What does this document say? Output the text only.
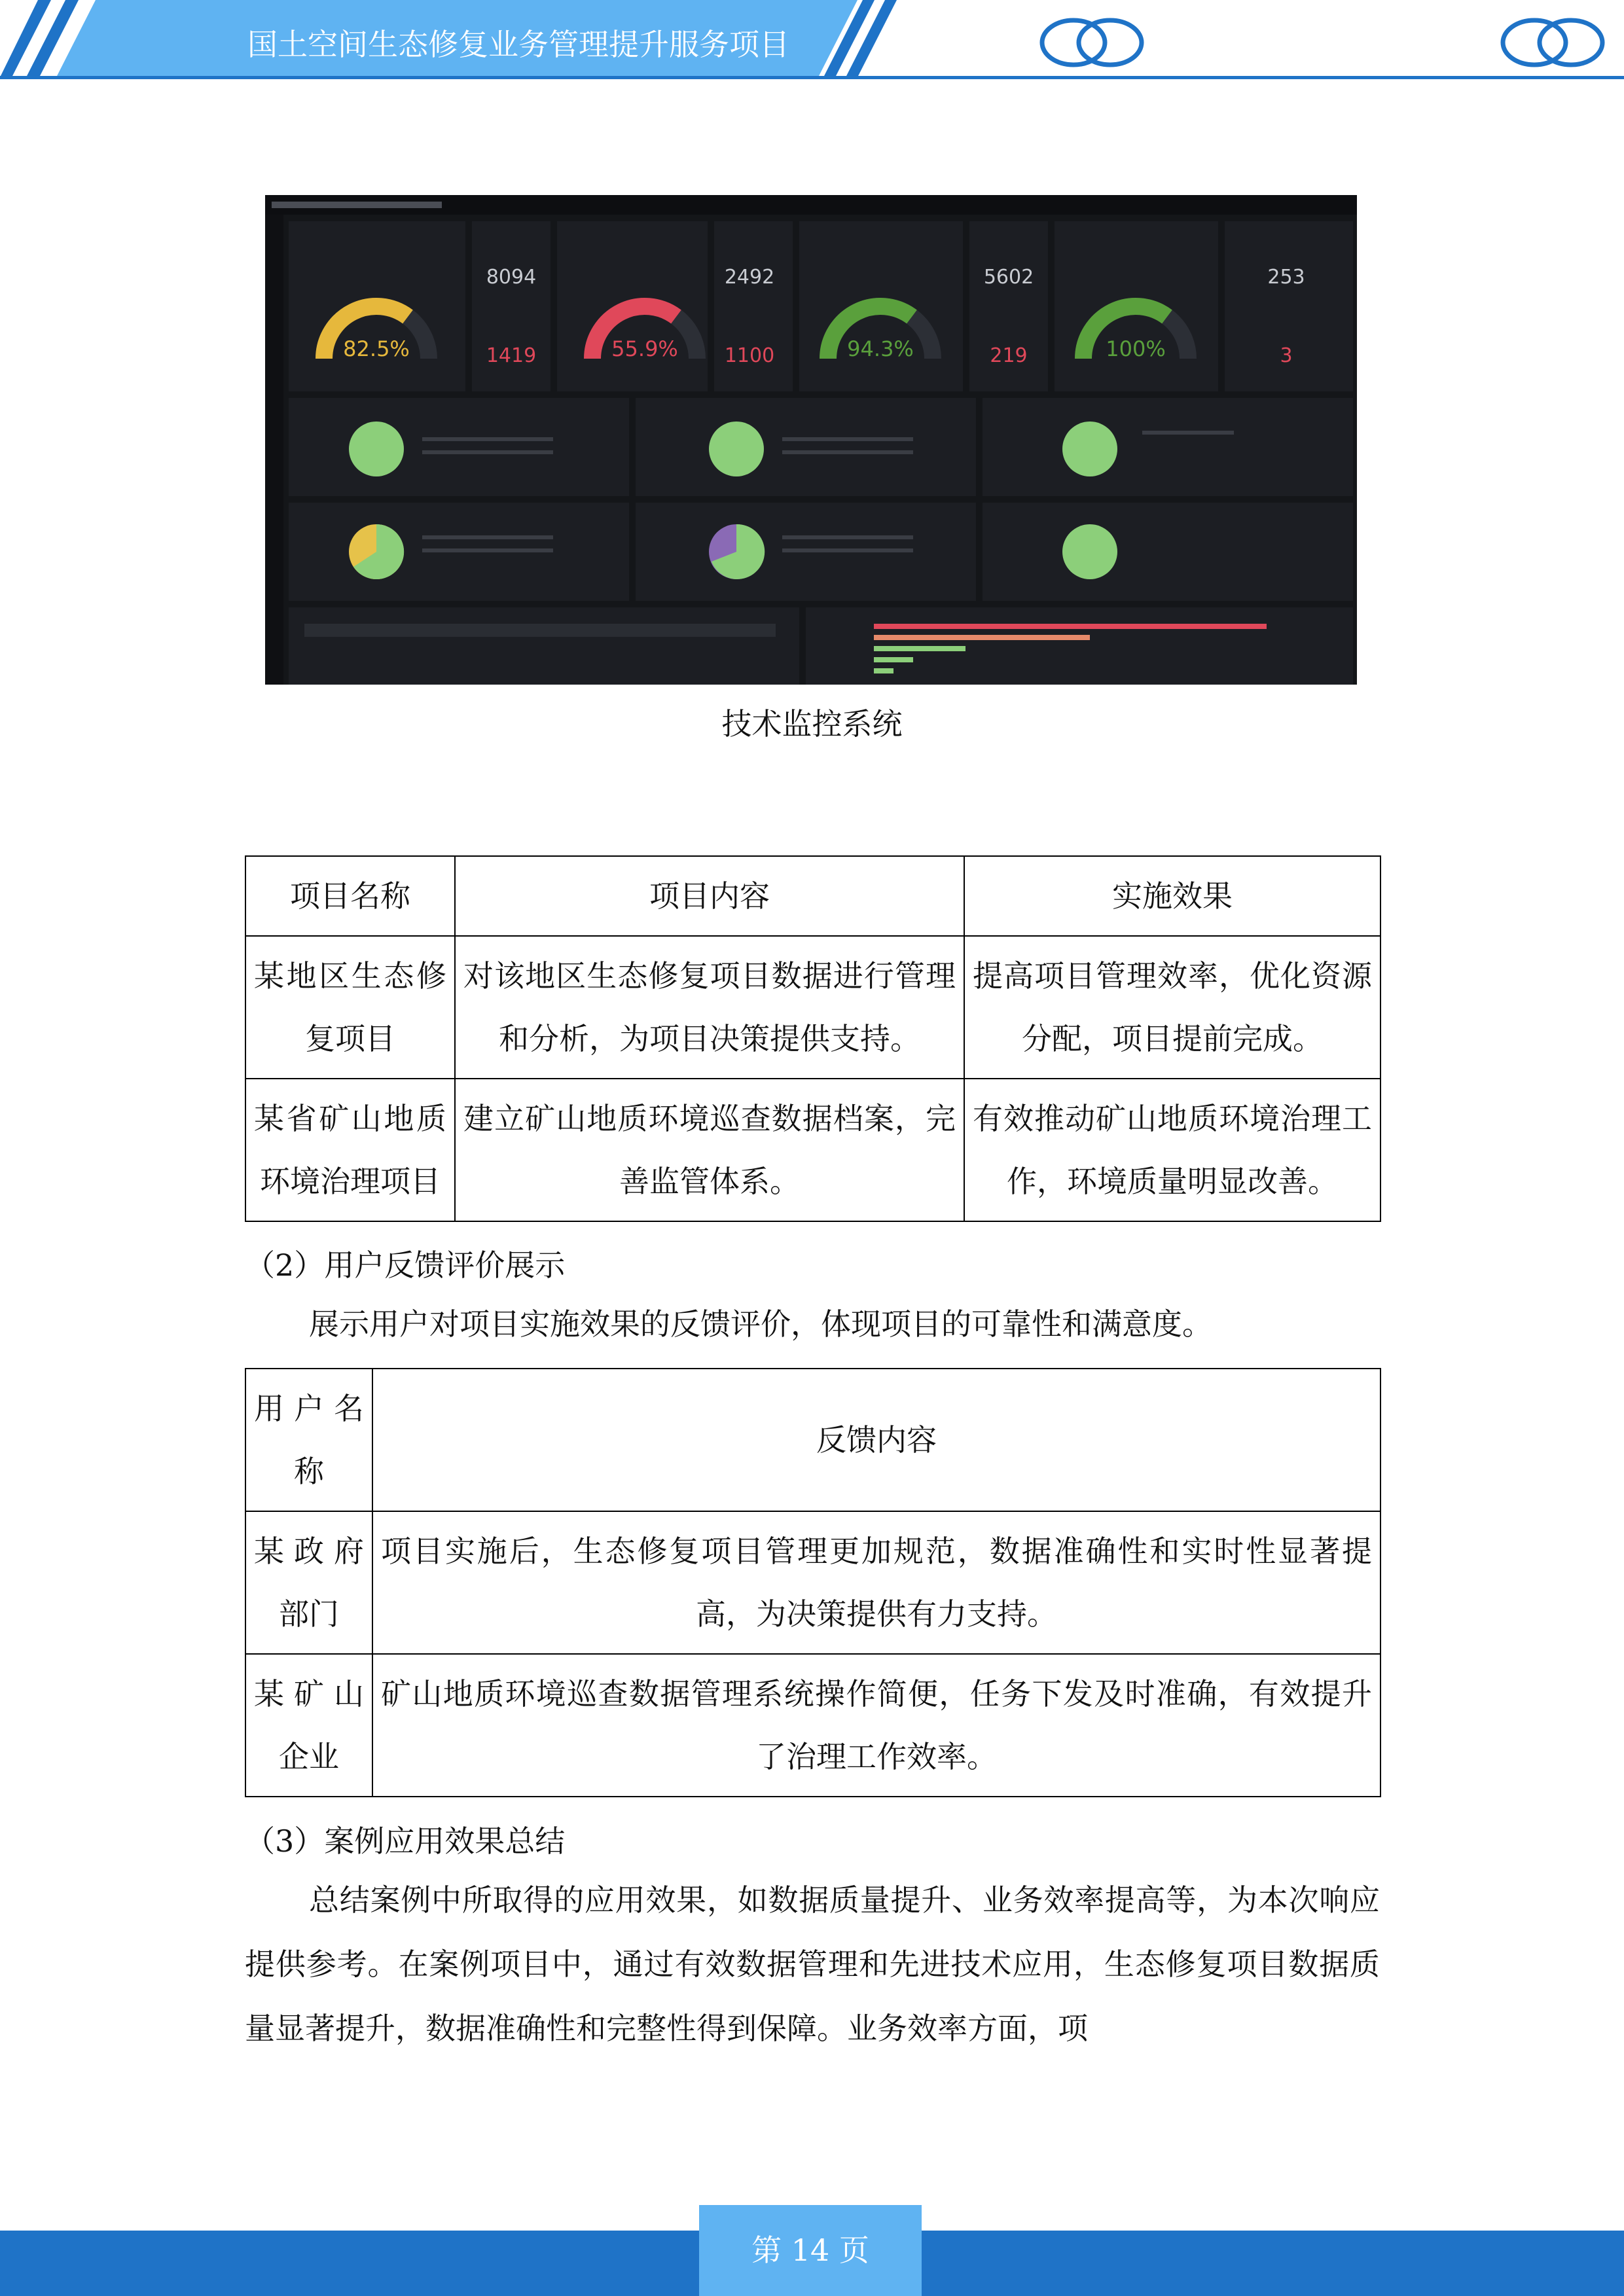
国土空间生态修复业务管理提升服务项目
82.5%	55.9%	94.3%	100%
8094
1419
2492
1100
5602
219
253
3
技术监控系统
项目名称	项目内容	实施效果
某地区生态修复项目	对该地区生态修复项目数据进行管理和分析，为项目决策提供支持。	提高项目管理效率，优化资源分配，项目提前完成。
某省矿山地质环境治理项目	建立矿山地质环境巡查数据档案，完善监管体系。	有效推动矿山地质环境治理工作，环境质量明显改善。

（2）用户反馈评价展示

展示用户对项目实施效果的反馈评价，体现项目的可靠性和满意度。

用户名称	反馈内容
某政府部门	项目实施后，生态修复项目管理更加规范，数据准确性和实时性显著提高，为决策提供有力支持。
某矿山企业	矿山地质环境巡查数据管理系统操作简便，任务下发及时准确，有效提升了治理工作效率。

（3）案例应用效果总结

总结案例中所取得的应用效果，如数据质量提升、业务效率提高等，为本次响应提供参考。在案例项目中，通过有效数据管理和先进技术应用，生态修复项目数据质量显著提升，数据准确性和完整性得到保障。业务效率方面，项

第 14 页
